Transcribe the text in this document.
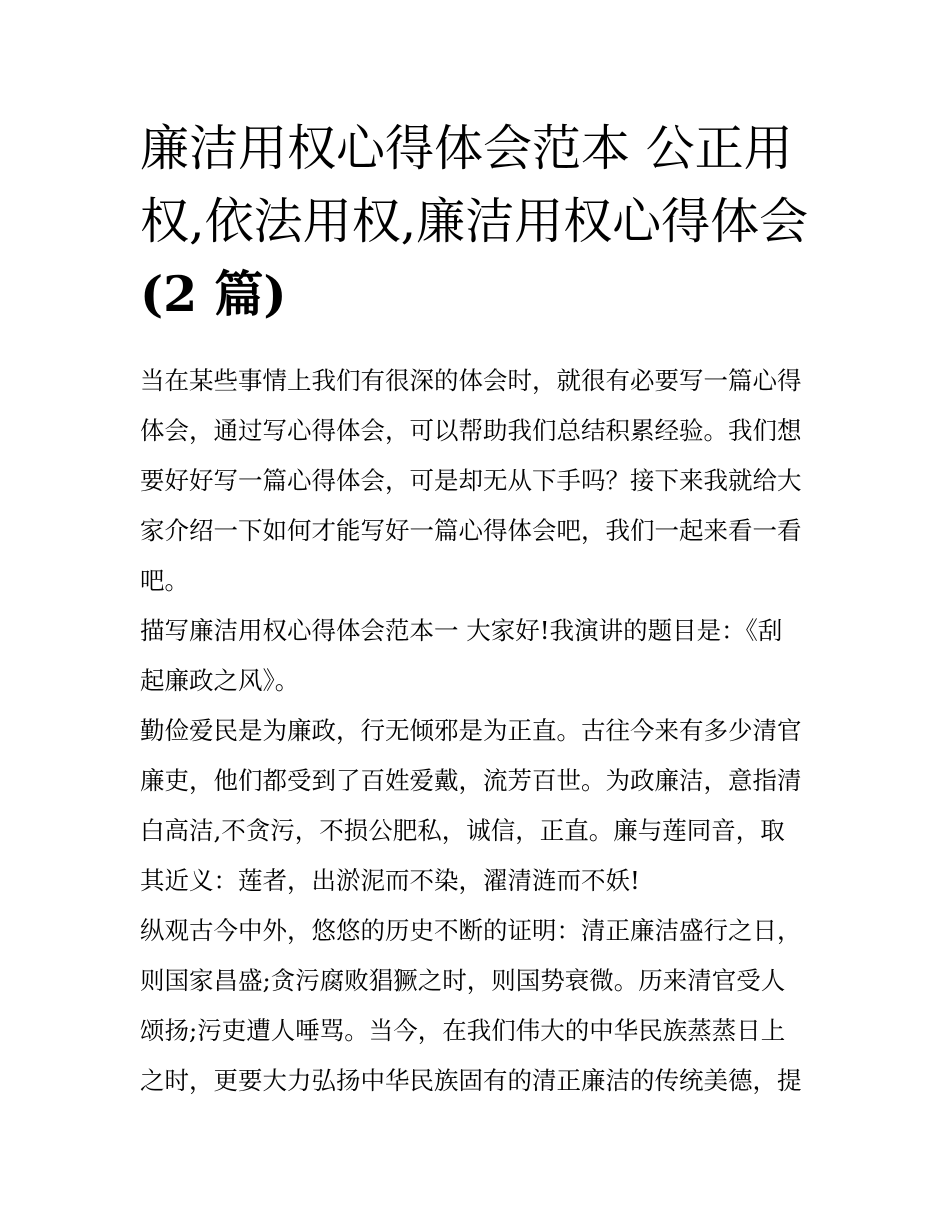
廉洁用权心得体会范本 公正用
权,依法用权,廉洁用权心得体会
(2 篇)

当在某些事情上我们有很深的体会时，就很有必要写一篇心得
体会，通过写心得体会，可以帮助我们总结积累经验。我们想
要好好写一篇心得体会，可是却无从下手吗？接下来我就给大
家介绍一下如何才能写好一篇心得体会吧，我们一起来看一看
吧。

描写廉洁用权心得体会范本一 大家好!我演讲的题目是：《刮
起廉政之风》。

勤俭爱民是为廉政，行无倾邪是为正直。古往今来有多少清官
廉吏，他们都受到了百姓爱戴，流芳百世。为政廉洁，意指清
白高洁,不贪污，不损公肥私，诚信，正直。廉与莲同音，取
其近义：莲者，出淤泥而不染，濯清涟而不妖!

纵观古今中外，悠悠的历史不断的证明：清正廉洁盛行之日，
则国家昌盛;贪污腐败猖獗之时，则国势衰微。历来清官受人
颂扬;污吏遭人唾骂。当今，在我们伟大的中华民族蒸蒸日上
之时，更要大力弘扬中华民族固有的清正廉洁的传统美德，提
